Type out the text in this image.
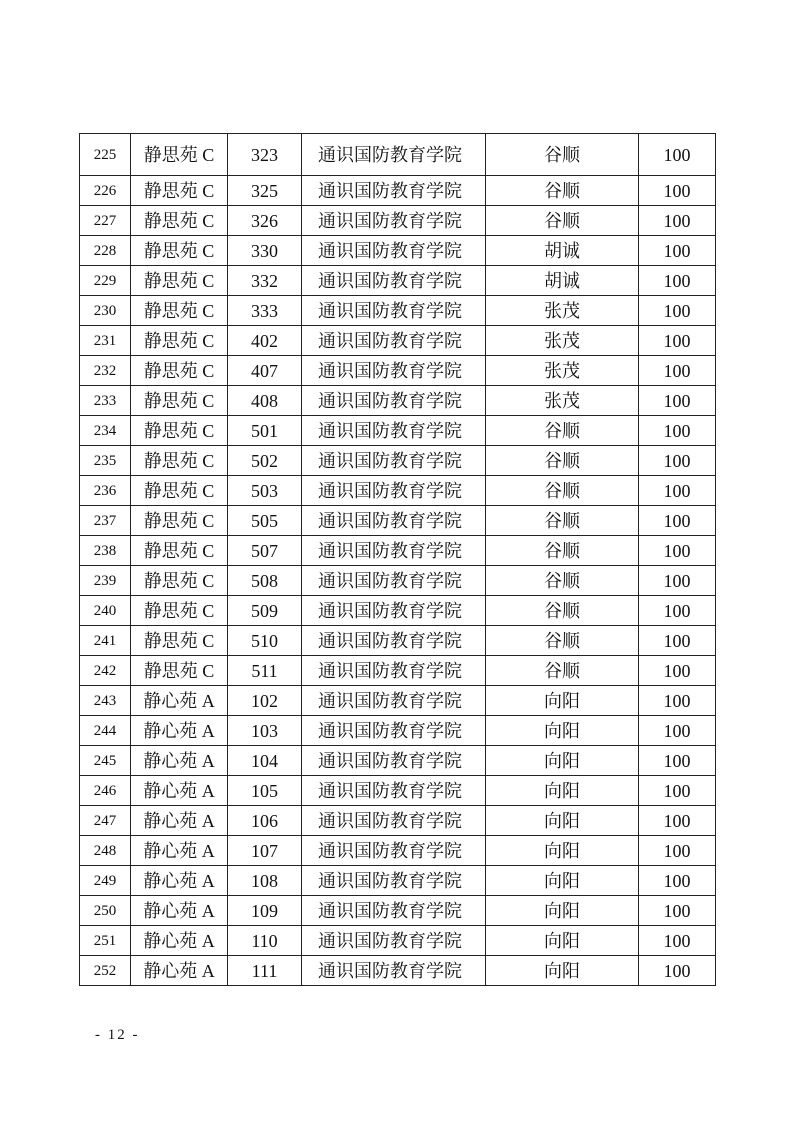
225	静思苑 C	323	通识国防教育学院	谷顺	100
226	静思苑 C	325	通识国防教育学院	谷顺	100
227	静思苑 C	326	通识国防教育学院	谷顺	100
228	静思苑 C	330	通识国防教育学院	胡诚	100
229	静思苑 C	332	通识国防教育学院	胡诚	100
230	静思苑 C	333	通识国防教育学院	张茂	100
231	静思苑 C	402	通识国防教育学院	张茂	100
232	静思苑 C	407	通识国防教育学院	张茂	100
233	静思苑 C	408	通识国防教育学院	张茂	100
234	静思苑 C	501	通识国防教育学院	谷顺	100
235	静思苑 C	502	通识国防教育学院	谷顺	100
236	静思苑 C	503	通识国防教育学院	谷顺	100
237	静思苑 C	505	通识国防教育学院	谷顺	100
238	静思苑 C	507	通识国防教育学院	谷顺	100
239	静思苑 C	508	通识国防教育学院	谷顺	100
240	静思苑 C	509	通识国防教育学院	谷顺	100
241	静思苑 C	510	通识国防教育学院	谷顺	100
242	静思苑 C	511	通识国防教育学院	谷顺	100
243	静心苑 A	102	通识国防教育学院	向阳	100
244	静心苑 A	103	通识国防教育学院	向阳	100
245	静心苑 A	104	通识国防教育学院	向阳	100
246	静心苑 A	105	通识国防教育学院	向阳	100
247	静心苑 A	106	通识国防教育学院	向阳	100
248	静心苑 A	107	通识国防教育学院	向阳	100
249	静心苑 A	108	通识国防教育学院	向阳	100
250	静心苑 A	109	通识国防教育学院	向阳	100
251	静心苑 A	110	通识国防教育学院	向阳	100
252	静心苑 A	111	通识国防教育学院	向阳	100
- 12 -
